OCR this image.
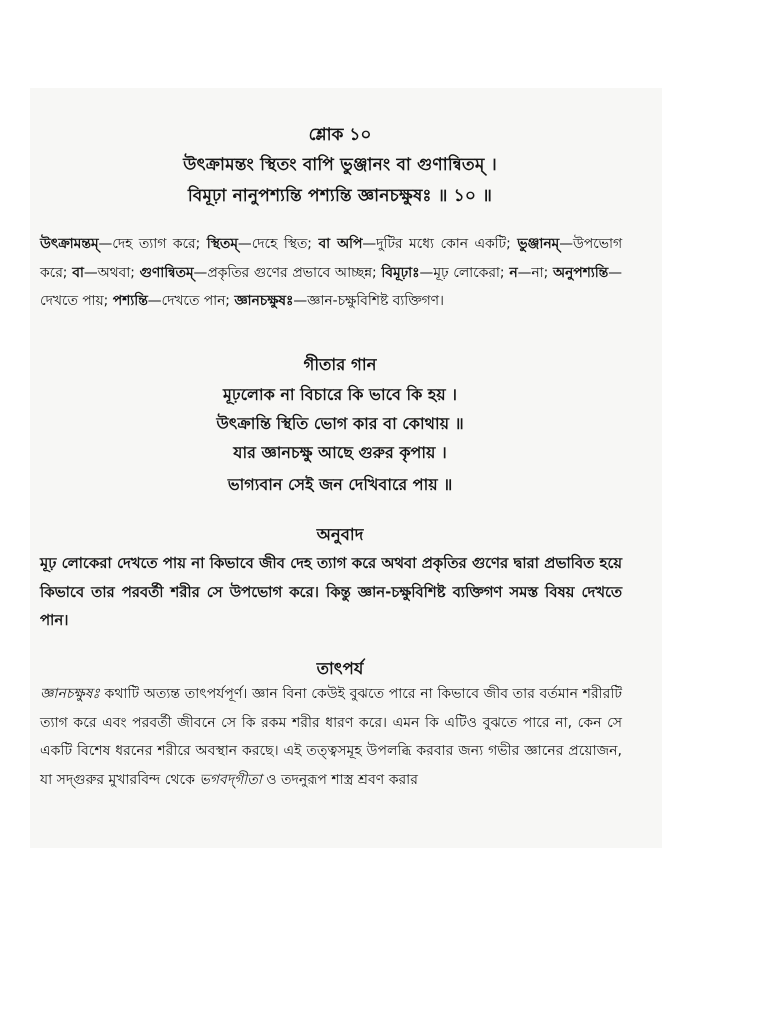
শ্লোক ১০
উৎক্রামন্তং স্থিতং বাপি ভুঞ্জানং বা গুণান্বিতম্ ।
বিমূঢ়া নানুপশ্যন্তি পশ্যন্তি জ্ঞানচক্ষুষঃ ॥ ১০ ॥
উৎক্রামন্তম্—দেহ ত্যাগ করে; স্থিতম্—দেহে স্থিত; বা অপি—দুটির মধ্যে কোন একটি; ভুঞ্জানম্—উপভোগ করে; বা—অথবা; গুণান্বিতম্—প্রকৃতির গুণের প্রভাবে আচ্ছন্ন; বিমূঢ়াঃ—মূঢ় লোকেরা; ন—না; অনুপশ্যন্তি—দেখতে পায়; পশ্যন্তি—দেখতে পান; জ্ঞানচক্ষুষঃ—জ্ঞান-চক্ষুবিশিষ্ট ব্যক্তিগণ।
গীতার গান
মূঢ়লোক না বিচারে কি ভাবে কি হয় ।
উৎক্রান্তি স্থিতি ভোগ কার বা কোথায় ॥
যার জ্ঞানচক্ষু আছে গুরুর কৃপায় ।
ভাগ্যবান সেই জন দেখিবারে পায় ॥
অনুবাদ
মূঢ় লোকেরা দেখতে পায় না কিভাবে জীব দেহ ত্যাগ করে অথবা প্রকৃতির গুণের দ্বারা প্রভাবিত হয়ে কিভাবে তার পরবর্তী শরীর সে উপভোগ করে। কিন্তু জ্ঞান-চক্ষুবিশিষ্ট ব্যক্তিগণ সমস্ত বিষয় দেখতে পান।
তাৎপর্য
জ্ঞানচক্ষুষঃ কথাটি অত্যন্ত তাৎপর্যপূর্ণ। জ্ঞান বিনা কেউই বুঝতে পারে না কিভাবে জীব তার বর্তমান শরীরটি ত্যাগ করে এবং পরবর্তী জীবনে সে কি রকম শরীর ধারণ করে। এমন কি এটিও বুঝতে পারে না, কেন সে একটি বিশেষ ধরনের শরীরে অবস্থান করছে। এই তত্ত্বসমূহ উপলব্ধি করবার জন্য গভীর জ্ঞানের প্রয়োজন, যা সদ্‌গুরুর মুখারবিন্দ থেকে ভগবদ্‌গীতা ও তদনুরূপ শাস্ত্র শ্রবণ করার
